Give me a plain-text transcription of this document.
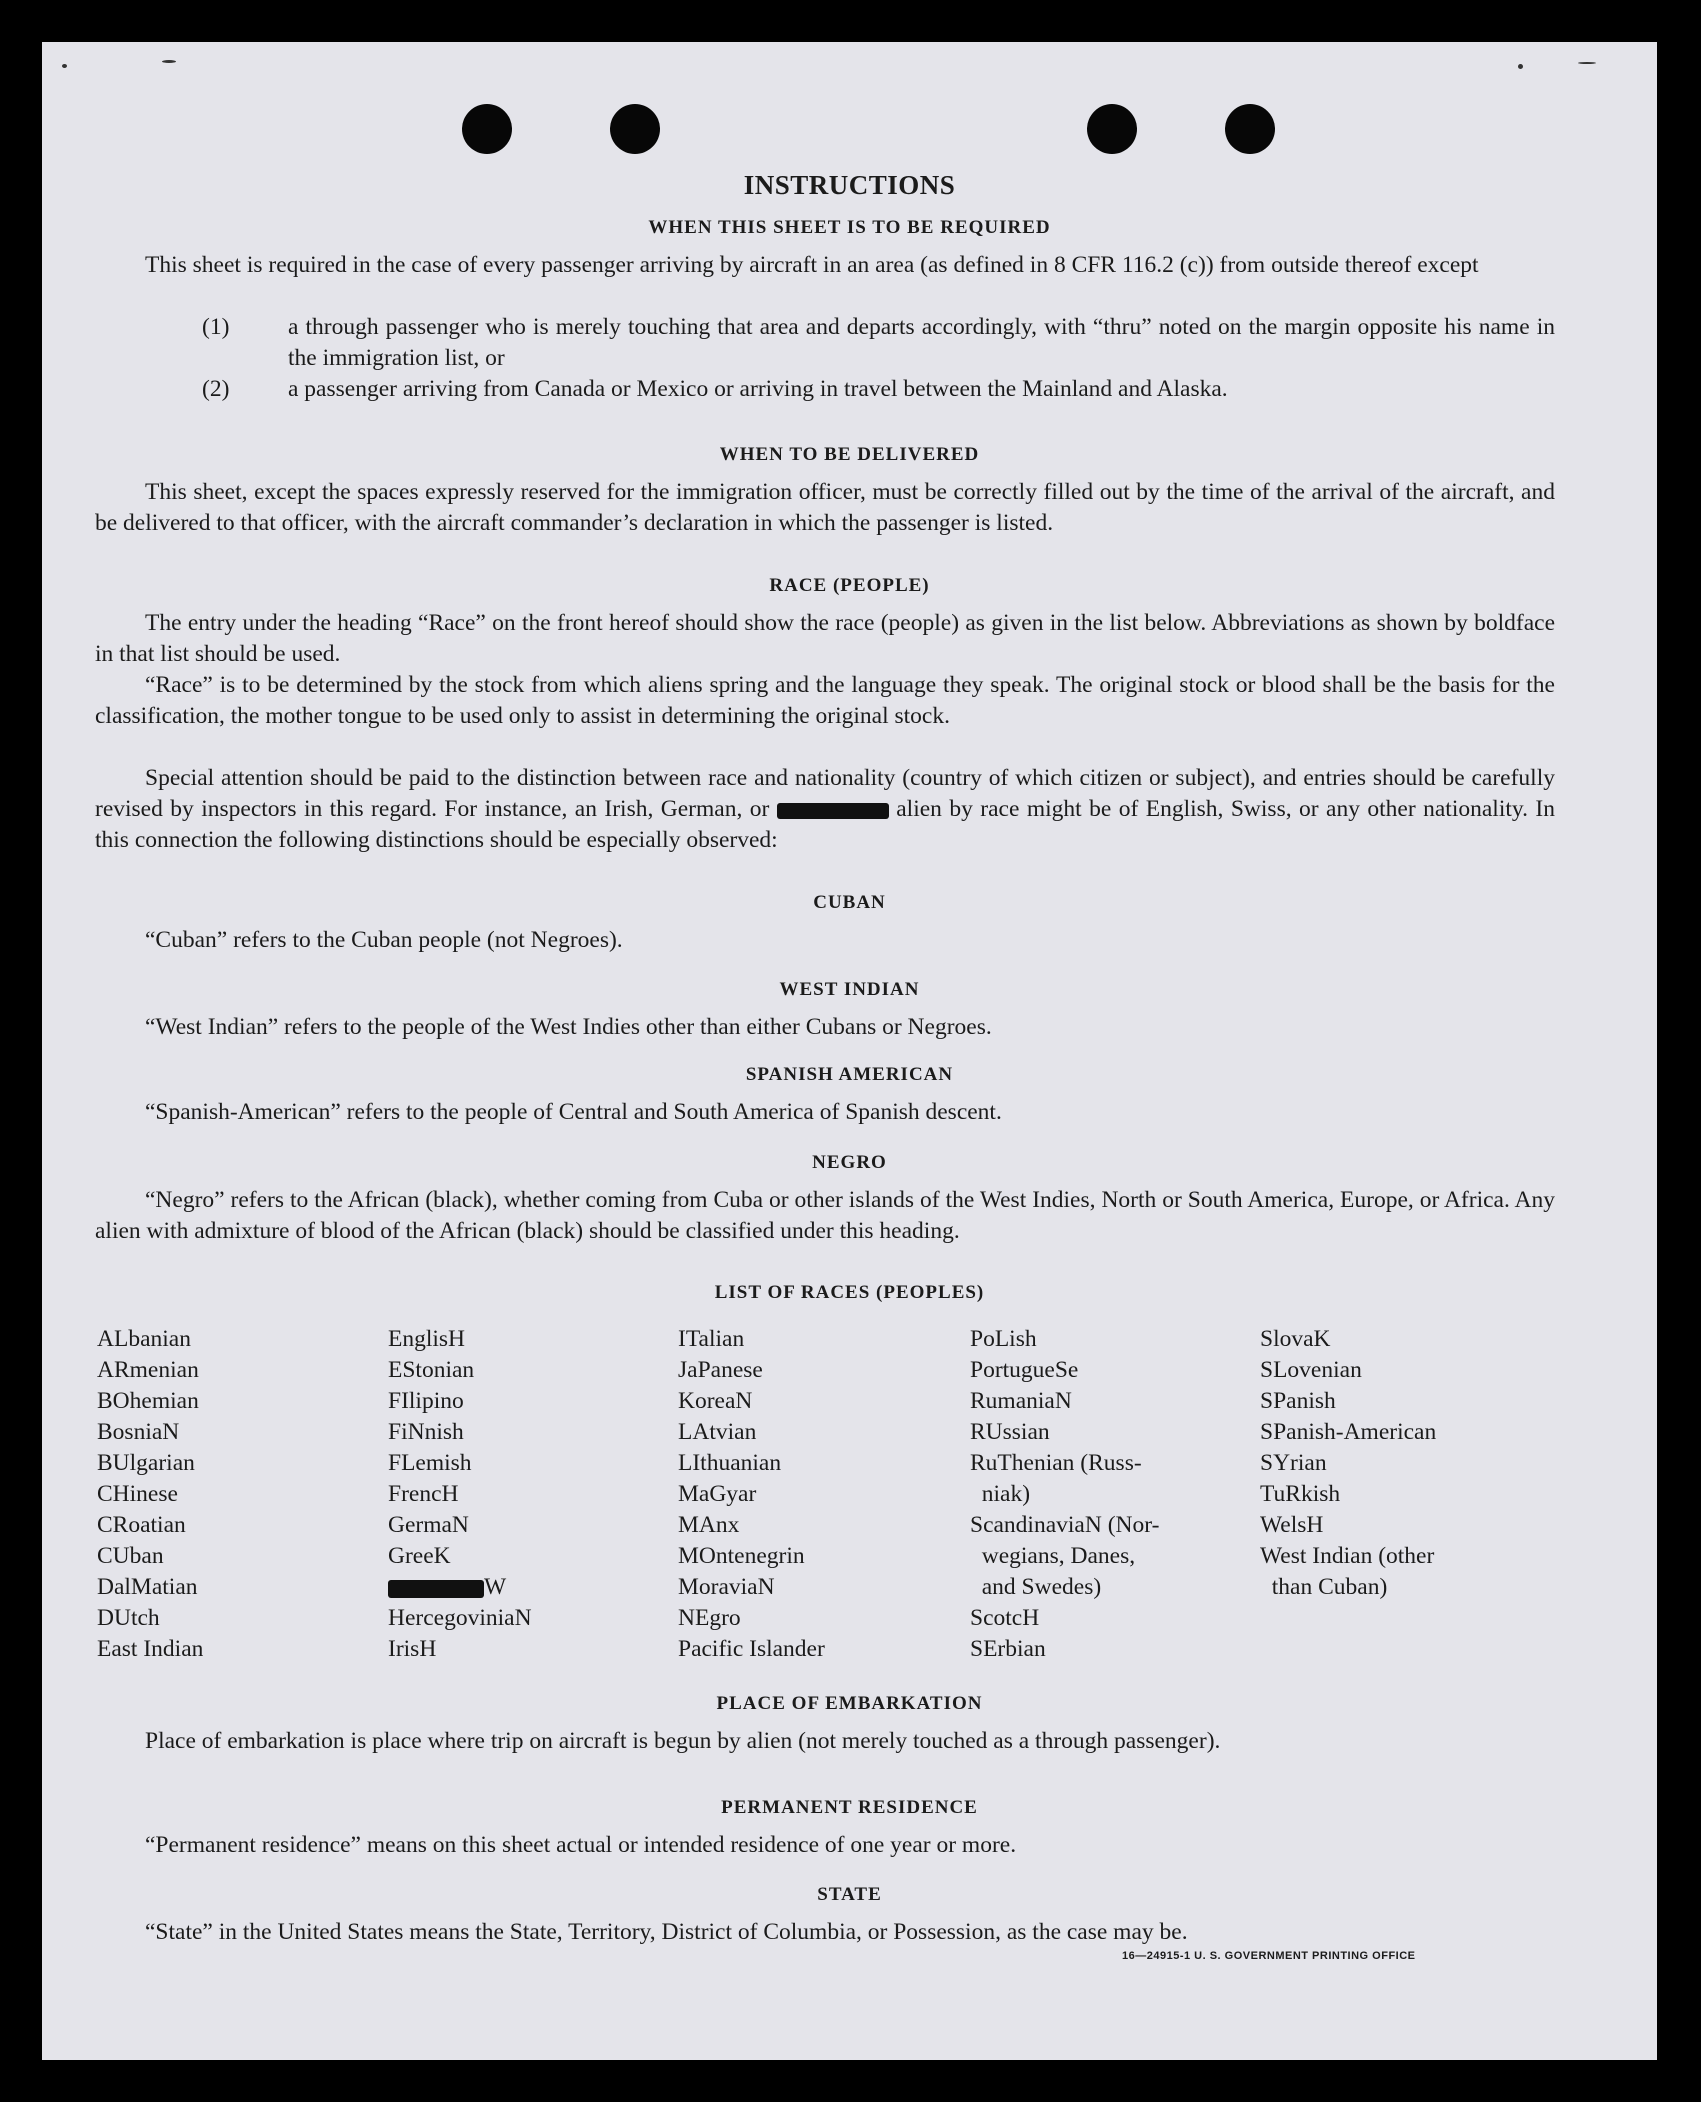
INSTRUCTIONS
WHEN THIS SHEET IS TO BE REQUIRED
This sheet is required in the case of every passenger arriving by aircraft in an area (as defined in 8 CFR 116.2 (c)) from outside thereof except
(1) a through passenger who is merely touching that area and departs accordingly, with “thru” noted on the margin opposite his name in the immigration list, or
(2) a passenger arriving from Canada or Mexico or arriving in travel between the Mainland and Alaska.
WHEN TO BE DELIVERED
This sheet, except the spaces expressly reserved for the immigration officer, must be correctly filled out by the time of the arrival of the aircraft, and be delivered to that officer, with the aircraft commander’s declaration in which the passenger is listed.
RACE (PEOPLE)
The entry under the heading “Race” on the front hereof should show the race (people) as given in the list below. Abbreviations as shown by boldface in that list should be used.
“Race” is to be determined by the stock from which aliens spring and the language they speak. The original stock or blood shall be the basis for the classification, the mother tongue to be used only to assist in determining the original stock.
Special attention should be paid to the distinction between race and nationality (country of which citizen or subject), and entries should be carefully revised by inspectors in this regard. For instance, an Irish, German, or	alien by race might be of English, Swiss, or any other nationality. In this connection the following distinctions should be especially observed:
CUBAN
“Cuban” refers to the Cuban people (not Negroes).
WEST INDIAN
“West Indian” refers to the people of the West Indies other than either Cubans or Negroes.
SPANISH AMERICAN
“Spanish-American” refers to the people of Central and South America of Spanish descent.
NEGRO
“Negro” refers to the African (black), whether coming from Cuba or other islands of the West Indies, North or South America, Europe, or Africa. Any alien with admixture of blood of the African (black) should be classified under this heading.
LIST OF RACES (PEOPLES)
ALbanian
ARmenian
BOhemian
BosniaN
BUlgarian
CHinese
CRoatian
CUban
DalMatian
DUtch
East Indian
EnglisH
EStonian
FIlipino
FiNnish
FLemish
FrencH
GermaN
GreeK
W
HercegoviniaN
IrisH
ITalian
JaPanese
KoreaN
LAtvian
LIthuanian
MaGyar
MAnx
MOntenegrin
MoraviaN
NEgro
Pacific Islander
PoLish
PortugueSe
RumaniaN
RUssian
RuThenian (Russ-
niak)
ScandinaviaN (Nor-
wegians, Danes,
and Swedes)
ScotcH
SErbian
SlovaK
SLovenian
SPanish
SPanish-American
SYrian
TuRkish
WelsH
West Indian (other
than Cuban)
PLACE OF EMBARKATION
Place of embarkation is place where trip on aircraft is begun by alien (not merely touched as a through passenger).
PERMANENT RESIDENCE
“Permanent residence” means on this sheet actual or intended residence of one year or more.
STATE
“State” in the United States means the State, Territory, District of Columbia, or Possession, as the case may be.
16—24915-1 U. S. GOVERNMENT PRINTING OFFICE
